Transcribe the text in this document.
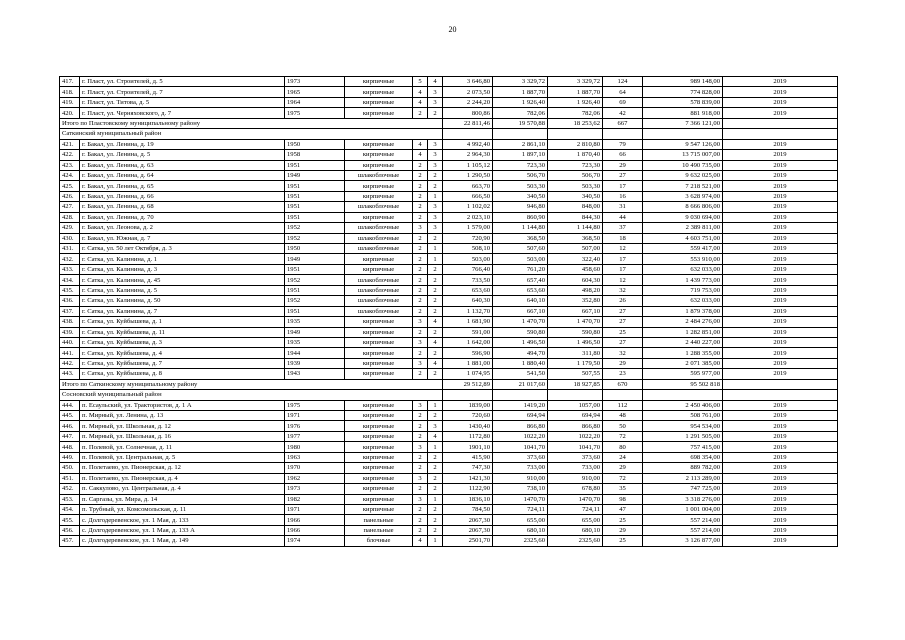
20
417.	г. Пласт, ул. Строителей, д. 5	1973	кирпичные	5	4	3 646,80	3 329,72	3 329,72	124	989 148,00	2019
418.	г. Пласт, ул. Строителей, д. 7	1965	кирпичные	4	3	2 073,50	1 887,70	1 887,70	64	774 828,00	2019
419.	г. Пласт, ул. Титова, д. 5	1964	кирпичные	4	3	2 244,20	1 926,40	1 926,40	69	578 839,00	2019
420.	г. Пласт, ул. Черняховского, д. 7	1975	кирпичные	2	2	800,86	782,06	782,06	42	881 918,00	2019
Итого по Пластовскому муниципальному району						22 811,46	19 570,88	18 253,62	667	7 366 121,00	
Саткинский муниципальный район											
421.	г. Бакал, ул. Ленина, д. 19	1950	кирпичные	4	3	4 992,40	2 861,10	2 810,80	79	9 547 126,00	2019
422.	г. Бакал, ул. Ленина, д. 5	1958	кирпичные	4	3	2 964,30	1 897,10	1 870,40	66	13 715 007,00	2019
423.	г. Бакал, ул. Ленина, д. 63	1951	кирпичные	2	3	1 105,12	723,30	723,30	29	10 490 735,00	2019
424.	г. Бакал, ул. Ленина, д. 64	1949	шлакоблочные	2	2	1 290,50	506,70	506,70	27	9 632 025,00	2019
425.	г. Бакал, ул. Ленина, д. 65	1951	кирпичные	2	2	663,70	503,30	503,30	17	7 218 521,00	2019
426.	г. Бакал, ул. Ленина, д. 66	1951	кирпичные	2	1	666,50	340,50	340,50	16	3 628 974,00	2019
427.	г. Бакал, ул. Ленина, д. 68	1951	шлакоблочные	2	3	1 102,02	946,80	848,00	31	8 666 806,00	2019
428.	г. Бакал, ул. Ленина, д. 70	1951	кирпичные	2	3	2 023,10	860,90	844,30	44	9 030 694,00	2019
429.	г. Бакал, ул. Леонова, д. 2	1952	шлакоблочные	3	3	1 579,00	1 144,80	1 144,80	37	2 389 811,00	2019
430.	г. Бакал, ул. Южная, д. 7	1952	шлакоблочные	2	2	720,90	368,50	368,50	18	4 603 751,00	2019
431.	г. Сатка, ул. 50 лет Октября, д. 3	1950	шлакоблочные	2	1	508,10	507,60	507,00	12	559 417,00	2019
432.	г. Сатка, ул. Калинина, д. 1	1949	кирпичные	2	1	503,00	503,00	322,40	17	553 910,00	2019
433.	г. Сатка, ул. Калинина, д. 3	1951	кирпичные	2	2	766,40	761,20	458,60	17	632 033,00	2019
434.	г. Сатка, ул. Калинина, д. 45	1952	шлакоблочные	2	2	733,50	657,40	604,30	12	1 439 773,00	2019
435.	г. Сатка, ул. Калинина, д. 5	1951	шлакоблочные	2	2	653,60	653,60	498,20	32	719 753,00	2019
436.	г. Сатка, ул. Калинина, д. 50	1952	шлакоблочные	2	2	640,30	640,10	352,80	26	632 033,00	2019
437.	г. Сатка, ул. Калинина, д. 7	1951	шлакоблочные	2	2	1 132,70	667,10	667,10	27	1 879 378,00	2019
438.	г. Сатка, ул. Куйбышева, д. 1	1935	кирпичные	3	4	1 681,90	1 470,70	1 470,70	27	2 484 276,00	2019
439.	г. Сатка, ул. Куйбышева, д. 11	1949	кирпичные	2	2	591,00	590,80	590,80	25	1 282 851,00	2019
440.	г. Сатка, ул. Куйбышева, д. 3	1935	кирпичные	3	4	1 642,00	1 496,50	1 496,50	27	2 440 227,00	2019
441.	г. Сатка, ул. Куйбышева, д. 4	1944	кирпичные	2	2	596,90	494,70	311,80	32	1 288 355,00	2019
442.	г. Сатка, ул. Куйбышева, д. 7	1939	кирпичные	3	4	1 881,00	1 880,40	1 179,50	29	2 071 385,00	2019
443.	г. Сатка, ул. Куйбышева, д. 8	1943	кирпичные	2	2	1 074,95	541,50	507,55	23	595 977,00	2019
Итого по Саткинскому муниципальному району						29 512,89	21 017,60	18 927,85	670	95 502 818	
Сосновский муниципальный район											
444.	п. Есаульский, ул. Трактористов, д. 1 А	1975	кирпичные	3	1	1839,00	1419,20	1057,00	112	2 450 406,00	2019
445.	п. Мирный, ул. Ленина, д. 13	1971	кирпичные	2	2	720,60	694,94	694,94	48	508 761,00	2019
446.	п. Мирный, ул. Школьная, д. 12	1976	кирпичные	2	3	1430,40	866,80	866,80	50	954 534,00	2019
447.	п. Мирный, ул. Школьная, д. 16	1977	кирпичные	2	4	1172,80	1022,20	1022,20	72	1 291 505,00	2019
448.	п. Полевой, ул. Солнечная, д. 11	1980	кирпичные	3	1	1901,10	1041,70	1041,70	80	757 415,00	2019
449.	п. Полевой, ул. Центральная, д. 5	1963	кирпичные	2	2	415,90	373,60	373,60	24	698 354,00	2019
450.	п. Полетаево, ул. Пионерская, д. 12	1970	кирпичные	2	2	747,30	733,00	733,00	29	889 782,00	2019
451.	п. Полетаево, ул. Пионерская, д. 4	1962	кирпичные	3	2	1421,30	910,00	910,00	72	2 113 289,00	2019
452.	п. Саккулово, ул. Центральная, д. 4	1973	кирпичные	2	2	1122,90	738,10	678,80	35	747 725,00	2019
453.	п. Саргазы, ул. Мира, д. 14	1982	кирпичные	3	1	1836,10	1470,70	1470,70	98	3 318 276,00	2019
454.	п. Трубный, ул. Комсомольская, д. 11	1971	кирпичные	2	2	784,50	724,11	724,11	47	1 001 004,00	2019
455.	с. Долгодеревенское, ул. 1 Мая, д. 133	1966	панельные	2	2	2067,30	655,00	655,00	25	557 214,00	2019
456.	с. Долгодеревенское, ул. 1 Мая, д. 133 А	1966	панельные	2	2	2067,30	680,10	680,10	29	557 214,00	2019
457.	с. Долгодеревенское, ул. 1 Мая, д. 149	1974	блочные	4	1	2501,70	2325,60	2325,60	25	3 126 877,00	2019
